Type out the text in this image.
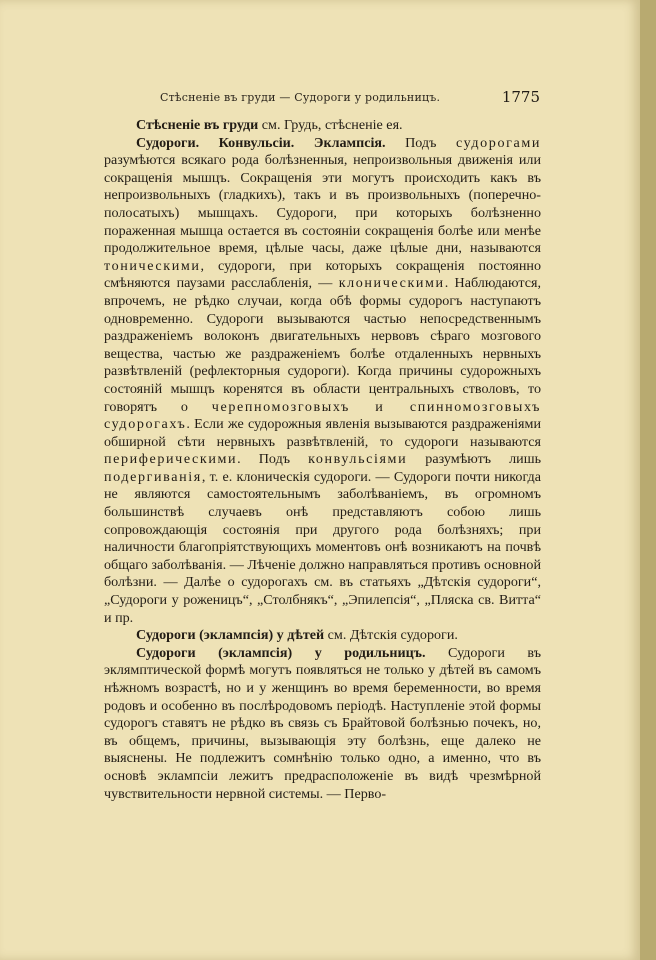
Стѣсненіе въ груди — Судороги у родильницъ.	1775

Стѣсненіе въ груди см. Грудь, стѣсненіе ея.

Судороги. Конвульсіи. Эклампсія. Подъ судорогами разумѣются всякаго рода болѣзненныя, непроизвольныя движенія или сокращенія мышцъ. Сокращенія эти могутъ происходить какъ въ непроизвольныхъ (гладкихъ), такъ и въ произвольныхъ (поперечно-полосатыхъ) мышцахъ. Судороги, при которыхъ болѣзненно пораженная мышца остается въ состояніи сокращенія болѣе или менѣе продолжительное время, цѣлые часы, даже цѣлые дни, называются тоническими, судороги, при которыхъ сокращенія постоянно смѣняются паузами расслабленія, — клоническими. Наблюдаются, впрочемъ, не рѣдко случаи, когда обѣ формы судорогъ наступаютъ одновременно. Судороги вызываются частью непосредственнымъ раздраженіемъ волоконъ двигательныхъ нервовъ сѣраго мозгового вещества, частью же раздраженіемъ болѣе отдаленныхъ нервныхъ развѣтвленій (рефлекторныя судороги). Когда причины судорожныхъ состояній мышцъ коренятся въ области центральныхъ стволовъ, то говорятъ о черепномозговыхъ и спинномозговыхъ судорогахъ. Если же судорожныя явленія вызываются раздраженіями обширной сѣти нервныхъ развѣтвленій, то судороги называются периферическими. Подъ конвульсіями разумѣютъ лишь подергиванія, т. е. клоническія судороги. — Судороги почти никогда не являются самостоятельнымъ заболѣваніемъ, въ огромномъ большинствѣ случаевъ онѣ представляютъ собою лишь сопровождающія состоянія при другого рода болѣзняхъ; при наличности благопріятствующихъ моментовъ онѣ возникаютъ на почвѣ общаго заболѣванія. — Лѣченіе должно направляться противъ основной болѣзни. — Далѣе о судорогахъ см. въ статьяхъ „Дѣтскія судороги“, „Судороги у роженицъ“, „Столбнякъ“, „Эпилепсія“, „Пляска св. Витта“ и пр.

Судороги (эклампсія) у дѣтей см. Дѣтскія судороги.

Судороги (эклампсія) у родильницъ. Судороги въ эклямптической формѣ могутъ появляться не только у дѣтей въ самомъ нѣжномъ возрастѣ, но и у женщинъ во время беременности, во время родовъ и особенно въ послѣродовомъ періодѣ. Наступленіе этой формы судорогъ ставятъ не рѣдко въ связь съ Брайтовой болѣзнью почекъ, но, въ общемъ, причины, вызывающія эту болѣзнь, еще далеко не выяснены. Не подлежитъ сомнѣнію только одно, а именно, что въ основѣ эклампсіи лежитъ предрасположеніе въ видѣ чрезмѣрной чувствительности нервной системы. — Перво-
